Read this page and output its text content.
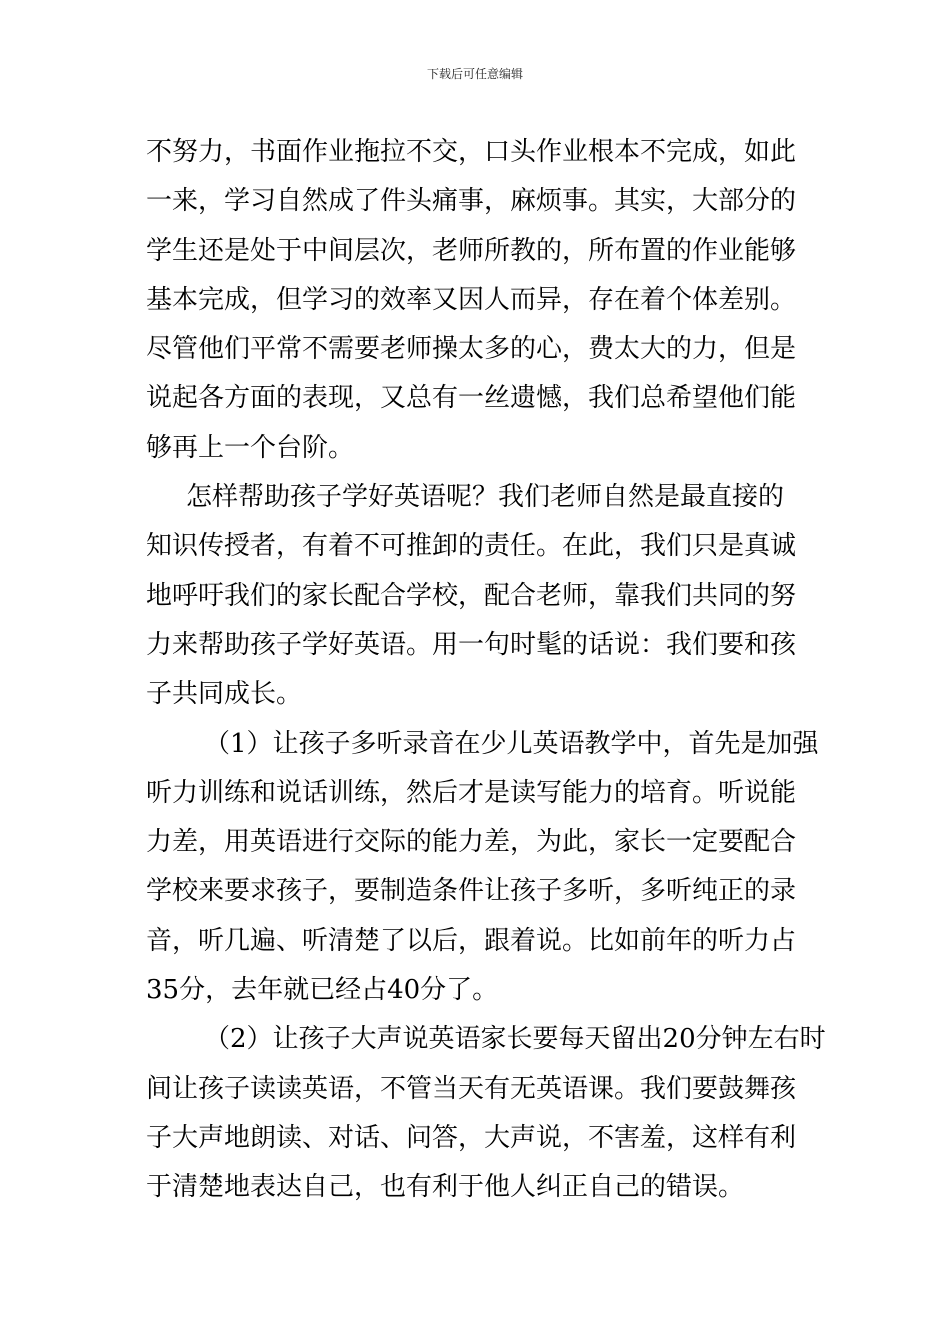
下载后可任意编辑
不努力，书面作业拖拉不交，口头作业根本不完成，如此
一来，学习自然成了件头痛事，麻烦事。其实，大部分的
学生还是处于中间层次，老师所教的，所布置的作业能够
基本完成，但学习的效率又因人而异，存在着个体差别。
尽管他们平常不需要老师操太多的心，费太大的力，但是
说起各方面的表现，又总有一丝遗憾，我们总希望他们能
够再上一个台阶。
怎样帮助孩子学好英语呢？我们老师自然是最直接的
知识传授者，有着不可推卸的责任。在此，我们只是真诚
地呼吁我们的家长配合学校，配合老师，靠我们共同的努
力来帮助孩子学好英语。用一句时髦的话说：我们要和孩
子共同成长。
（1）让孩子多听录音在少儿英语教学中，首先是加强
听力训练和说话训练，然后才是读写能力的培育。听说能
力差，用英语进行交际的能力差，为此，家长一定要配合
学校来要求孩子，要制造条件让孩子多听，多听纯正的录
音，听几遍、听清楚了以后，跟着说。比如前年的听力占
35分，去年就已经占40分了。
（2）让孩子大声说英语家长要每天留出20分钟左右时
间让孩子读读英语，不管当天有无英语课。我们要鼓舞孩
子大声地朗读、对话、问答，大声说，不害羞，这样有利
于清楚地表达自己，也有利于他人纠正自己的错误。
